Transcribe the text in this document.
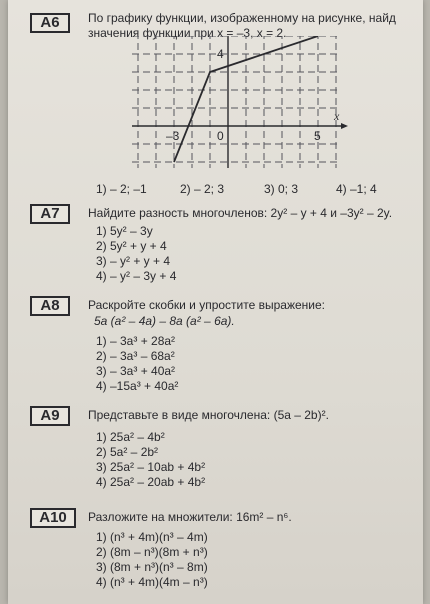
А6	По графику функции, изображенному на рисунке, найд
значения функции при x = –3, x = 2.
x
4
–3	0	5
1) – 2; –1	2) – 2; 3	3) 0; 3	4) –1; 4
А7	Найдите разность многочленов: 2y² – y + 4 и –3y² – 2y.
1) 5y² – 3y
2) 5y² + y + 4
3) – y² + y + 4
4) – y² – 3y + 4
А8	Раскройте скобки и упростите выражение:
5a (a² – 4a) – 8a (a² – 6a).
1) – 3a³ + 28a²
2) – 3a³ – 68a²
3) – 3a³ + 40a²
4) –15a³ + 40a²
А9	Представьте в виде многочлена: (5a – 2b)².
1) 25a² – 4b²
2) 5a² – 2b²
3) 25a² – 10ab + 4b²
4) 25a² – 20ab + 4b²
А10	Разложите на множители: 16m² – n⁶.
1) (n³ + 4m)(n³ – 4m)
2) (8m – n³)(8m + n³)
3) (8m + n³)(n³ – 8m)
4) (n³ + 4m)(4m – n³)
